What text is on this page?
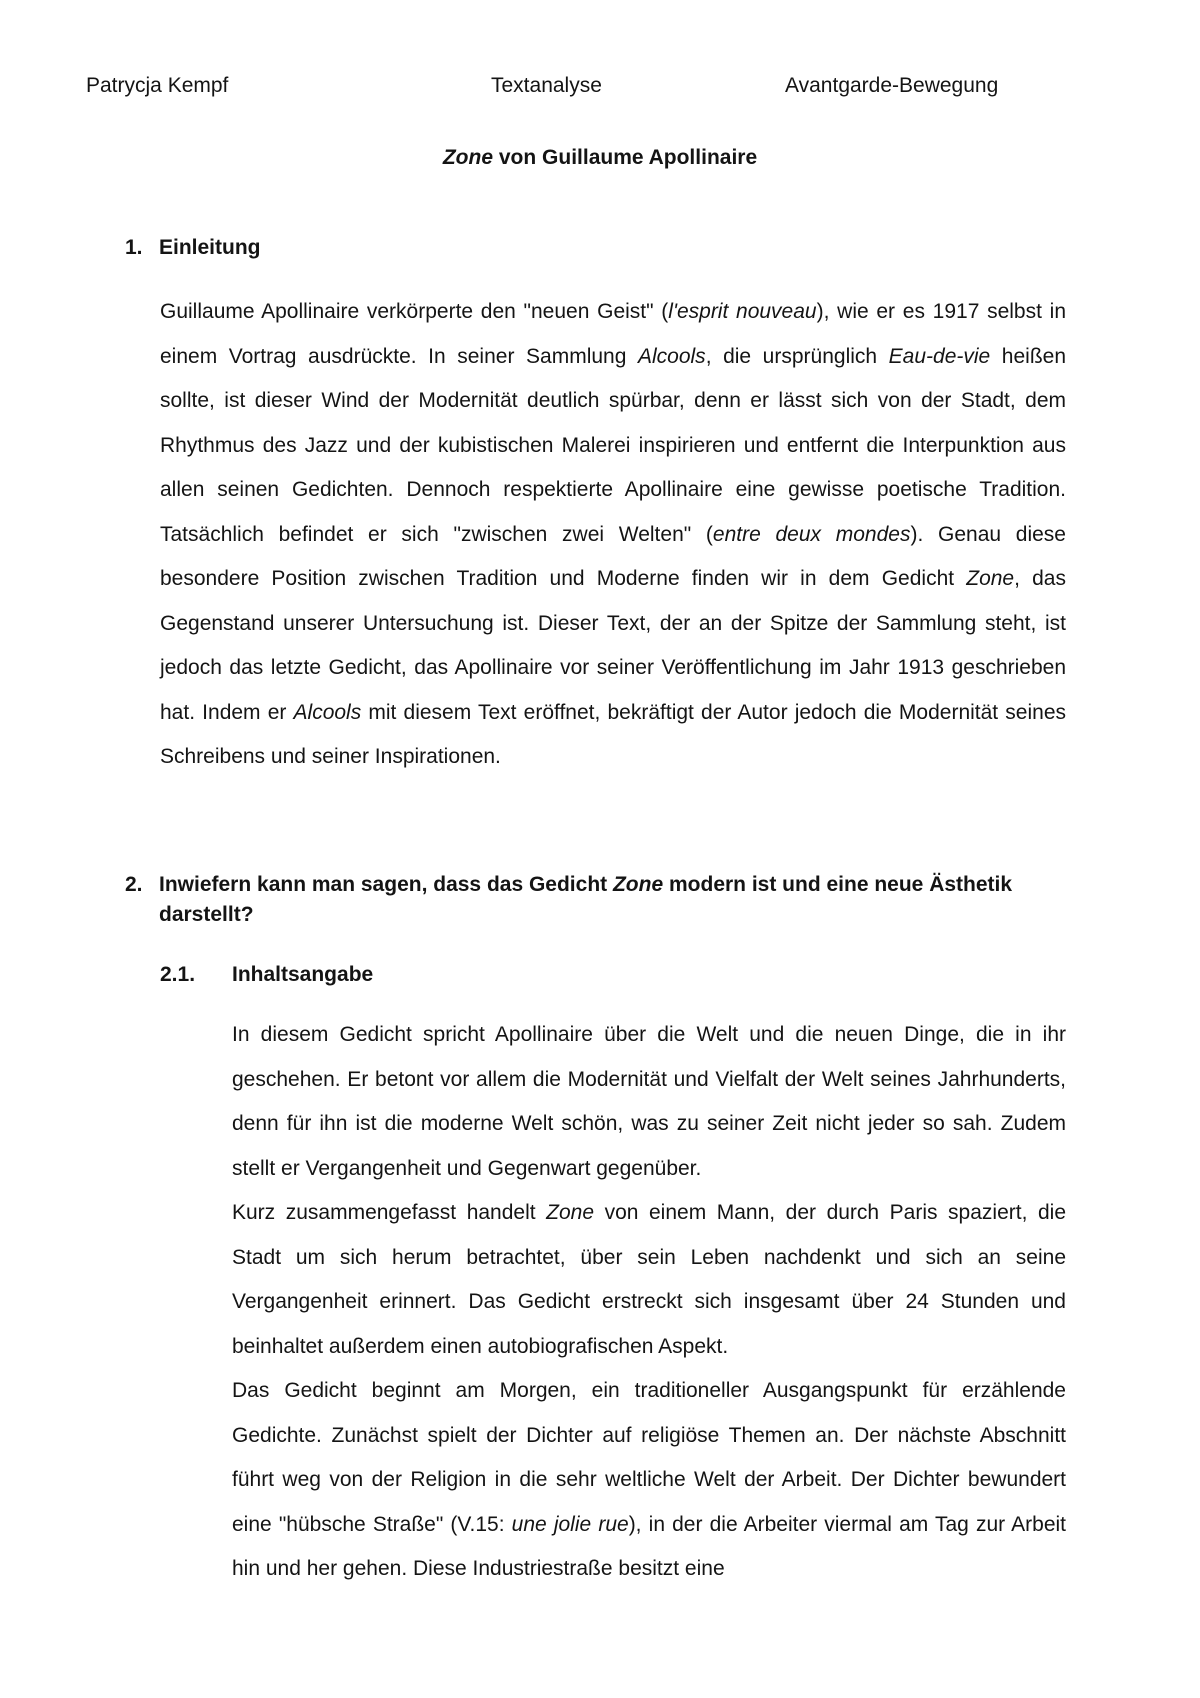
Patrycja Kempf	Textanalyse	Avantgarde-Bewegung
Zone von Guillaume Apollinaire
1. Einleitung
Guillaume Apollinaire verkörperte den "neuen Geist" (l'esprit nouveau), wie er es 1917 selbst in einem Vortrag ausdrückte. In seiner Sammlung Alcools, die ursprünglich Eau-de-vie heißen sollte, ist dieser Wind der Modernität deutlich spürbar, denn er lässt sich von der Stadt, dem Rhythmus des Jazz und der kubistischen Malerei inspirieren und entfernt die Interpunktion aus allen seinen Gedichten. Dennoch respektierte Apollinaire eine gewisse poetische Tradition. Tatsächlich befindet er sich "zwischen zwei Welten" (entre deux mondes). Genau diese besondere Position zwischen Tradition und Moderne finden wir in dem Gedicht Zone, das Gegenstand unserer Untersuchung ist. Dieser Text, der an der Spitze der Sammlung steht, ist jedoch das letzte Gedicht, das Apollinaire vor seiner Veröffentlichung im Jahr 1913 geschrieben hat. Indem er Alcools mit diesem Text eröffnet, bekräftigt der Autor jedoch die Modernität seines Schreibens und seiner Inspirationen.
2. Inwiefern kann man sagen, dass das Gedicht Zone modern ist und eine neue Ästhetik darstellt?
2.1. Inhaltsangabe
In diesem Gedicht spricht Apollinaire über die Welt und die neuen Dinge, die in ihr geschehen. Er betont vor allem die Modernität und Vielfalt der Welt seines Jahrhunderts, denn für ihn ist die moderne Welt schön, was zu seiner Zeit nicht jeder so sah. Zudem stellt er Vergangenheit und Gegenwart gegenüber.
Kurz zusammengefasst handelt Zone von einem Mann, der durch Paris spaziert, die Stadt um sich herum betrachtet, über sein Leben nachdenkt und sich an seine Vergangenheit erinnert. Das Gedicht erstreckt sich insgesamt über 24 Stunden und beinhaltet außerdem einen autobiografischen Aspekt.
Das Gedicht beginnt am Morgen, ein traditioneller Ausgangspunkt für erzählende Gedichte. Zunächst spielt der Dichter auf religiöse Themen an. Der nächste Abschnitt führt weg von der Religion in die sehr weltliche Welt der Arbeit. Der Dichter bewundert eine "hübsche Straße" (V.15: une jolie rue), in der die Arbeiter viermal am Tag zur Arbeit hin und her gehen. Diese Industriestraße besitzt eine
